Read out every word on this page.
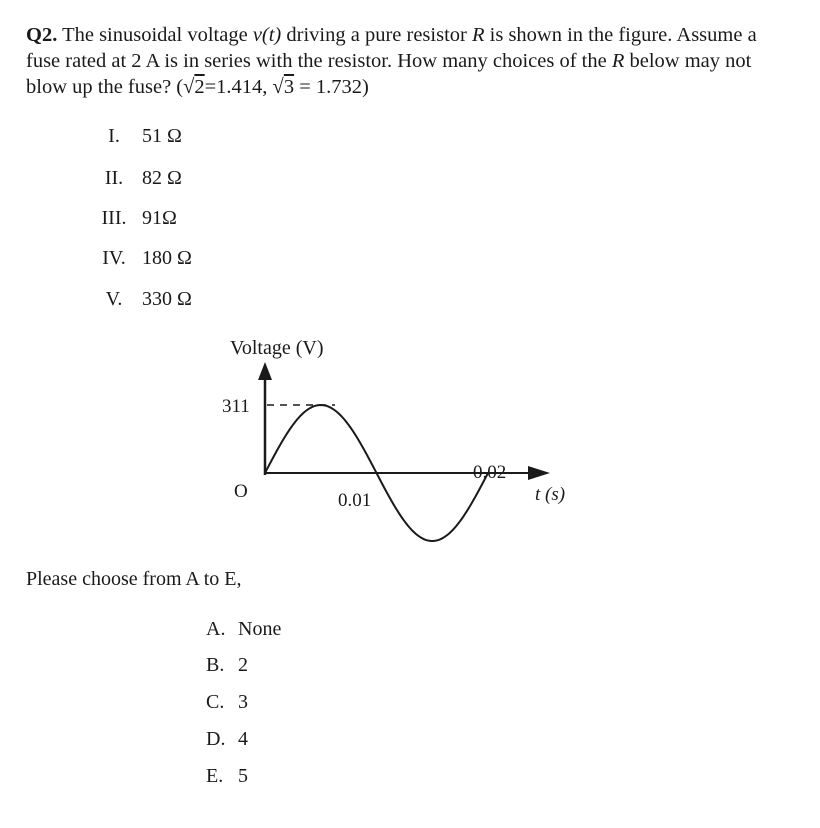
Q2. The sinusoidal voltage v(t) driving a pure resistor R is shown in the figure. Assume a fuse rated at 2 A is in series with the resistor. How many choices of the R below may not blow up the fuse? (√2=1.414, √3 = 1.732)

I.	51 Ω
II. 82 Ω
III. 91Ω
IV. 180 Ω
V. 330 Ω
Voltage (V)
311
O	0.01
0.02
t (s)
Please choose from A to E,
A. None
B. 2
C. 3
D. 4
E. 5
